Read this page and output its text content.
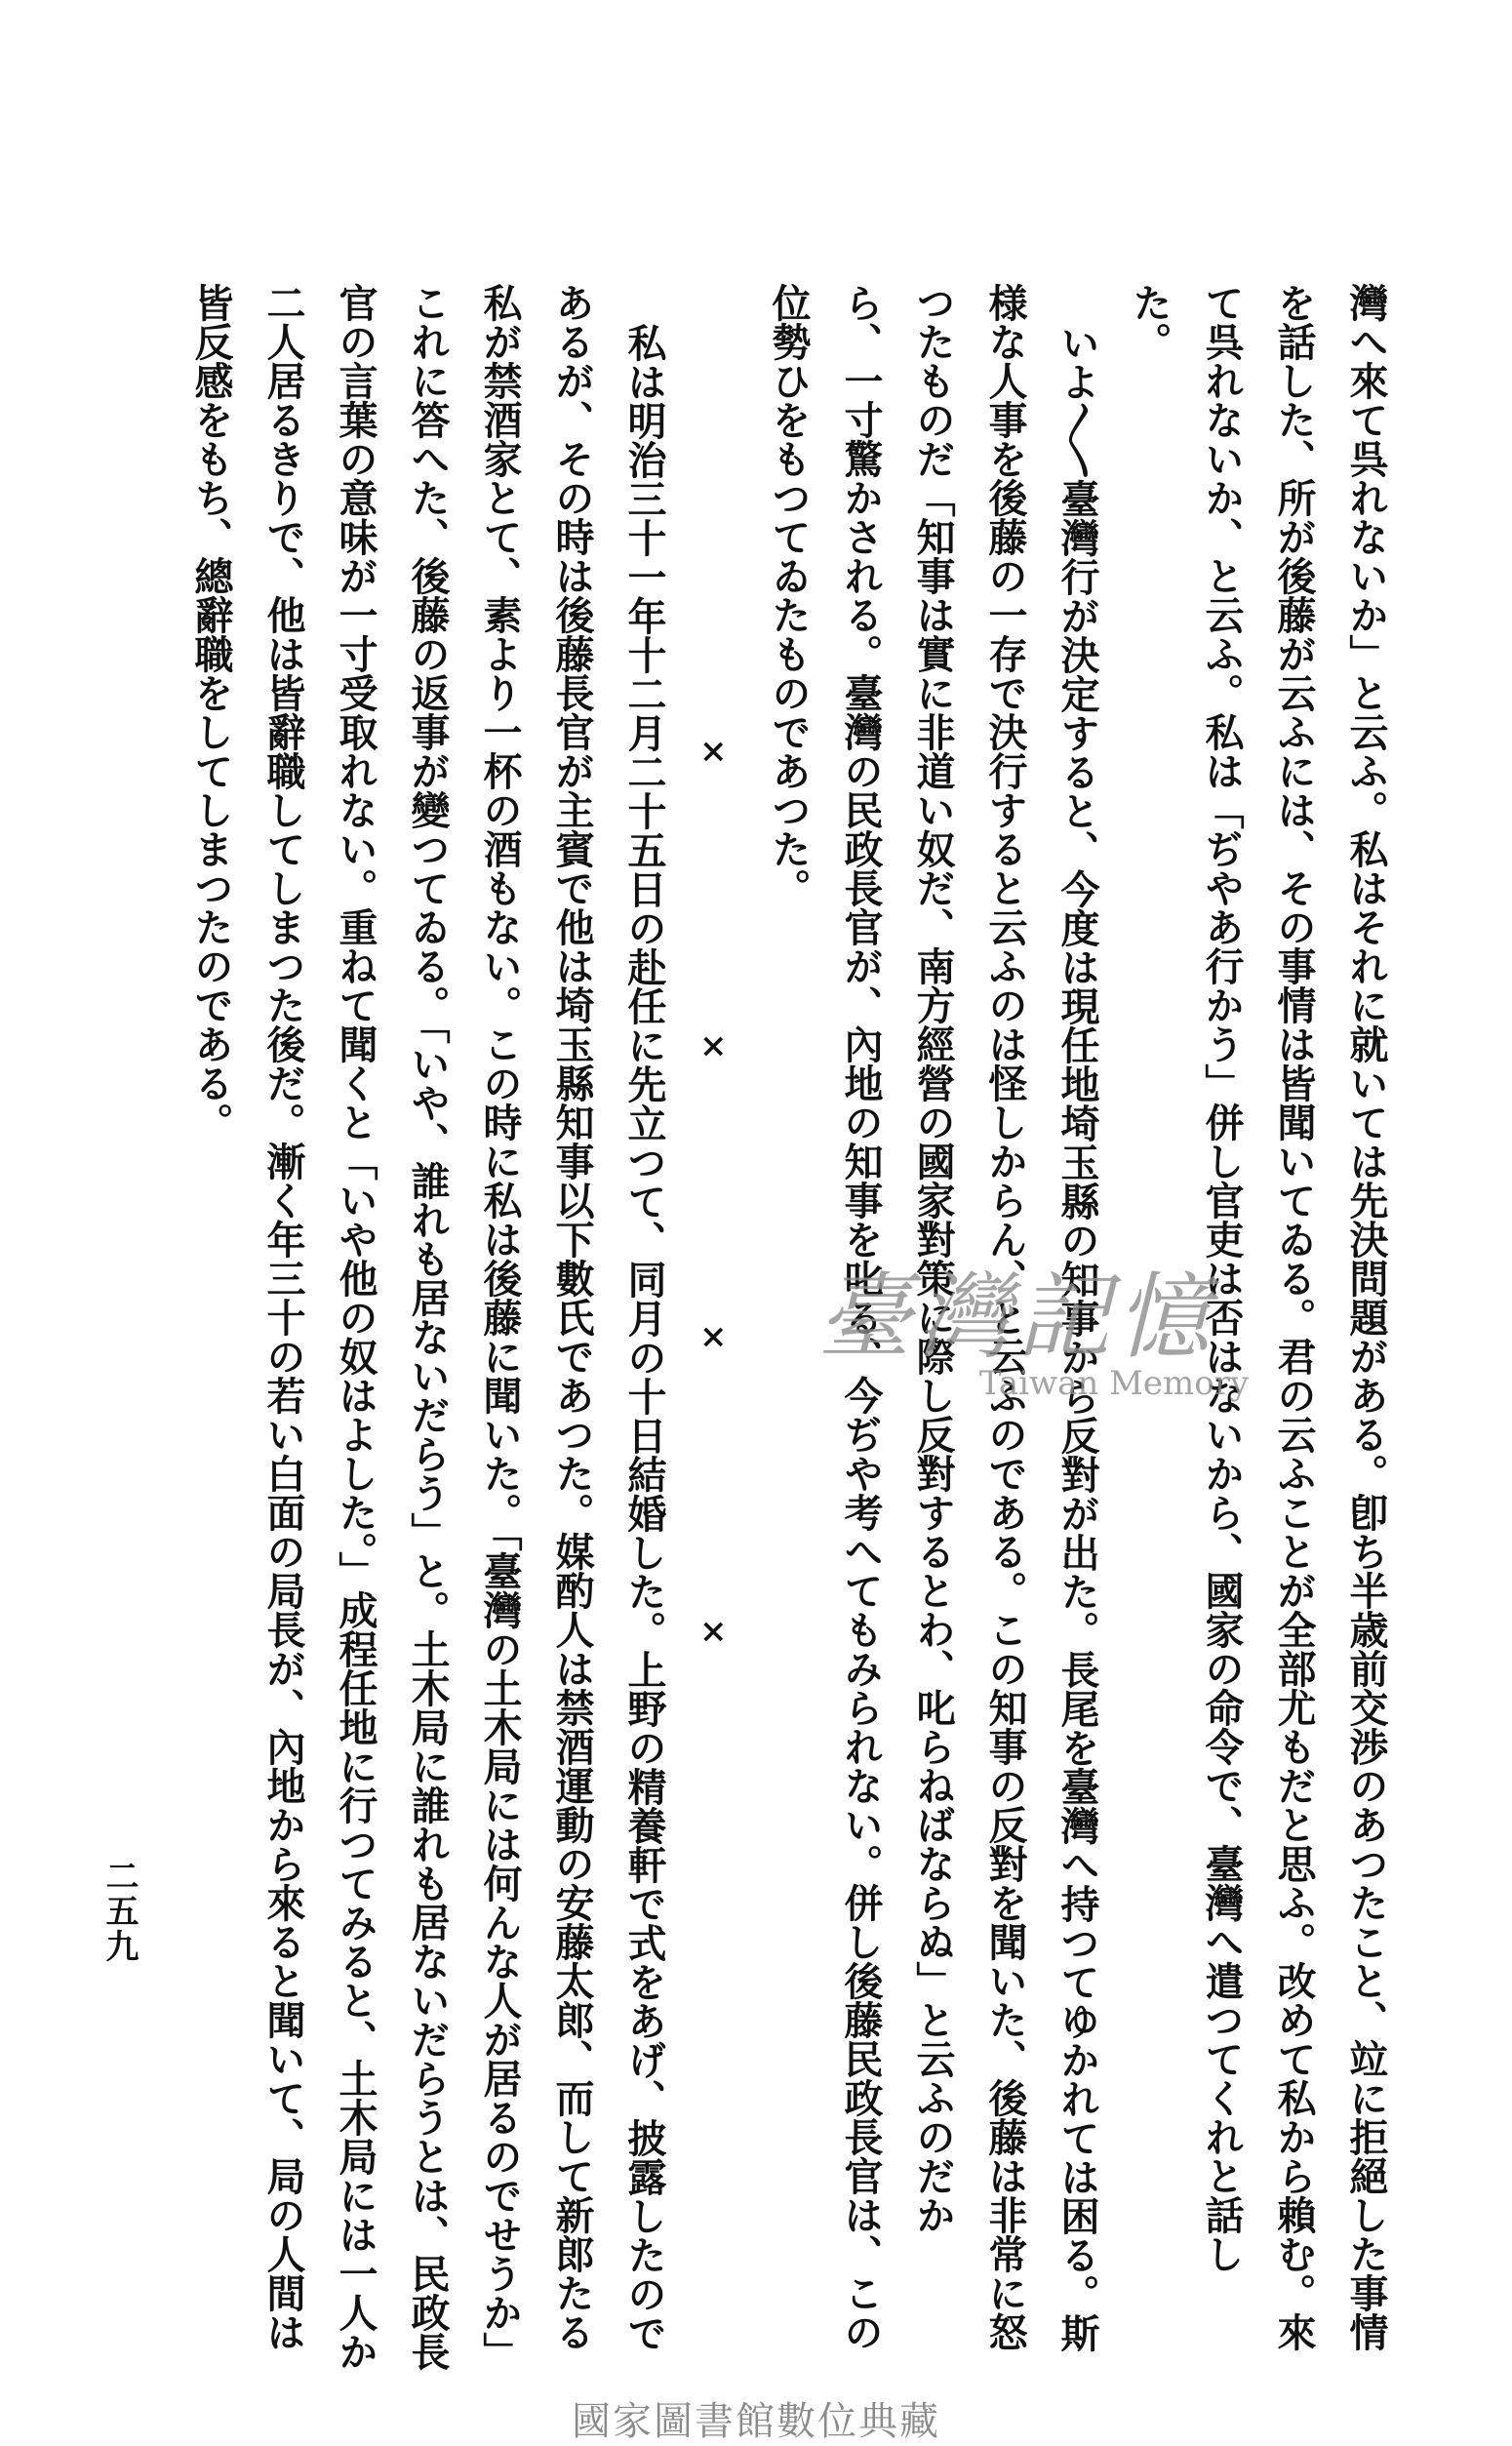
灣へ來て呉れないか」と云ふ。私はそれに就いては先決問題がある。卽ち半歳前交渉のあつたこと、竝に拒絕した事情

を話した、所が後藤が云ふには、その事情は皆聞いてゐる。君の云ふことが全部尤もだと思ふ。改めて私から賴む。來

て呉れないか、と云ふ。私は「ぢやあ行かう」併し官吏は否はないから、國家の命令で、臺灣へ遣つてくれと話し

た。

いよ〳〵臺灣行が決定すると、今度は現任地埼玉縣の知事から反對が出た。長尾を臺灣へ持つてゆかれては困る。斯

様な人事を後藤の一存で決行すると云ふのは怪しからん、と云ふのである。この知事の反對を聞いた、後藤は非常に怒

つたものだ「知事は實に非道い奴だ、南方經營の國家對策に際し反對するとわ、叱らねばならぬ」と云ふのだか

ら、一寸驚かされる。臺灣の民政長官が、內地の知事を叱る、今ぢや考へてもみられない。併し後藤民政長官は、この

位勢ひをもつてゐたものであつた。

×
×
×
×

私は明治三十一年十二月二十五日の赴任に先立つて、同月の十日結婚した。上野の精養軒で式をあげ、披露したので

あるが、その時は後藤長官が主賓で他は埼玉縣知事以下數氏であつた。媒酌人は禁酒運動の安藤太郎、而して新郎たる

私が禁酒家とて、素より一杯の酒もない。この時に私は後藤に聞いた。「臺灣の土木局には何んな人が居るのでせうか」

これに答へた、後藤の返事が變つてゐる。「いや、誰れも居ないだらう」と。土木局に誰れも居ないだらうとは、民政長

官の言葉の意味が一寸受取れない。重ねて聞くと「いや他の奴はよした。」成程任地に行つてみると、土木局には一人か

二人居るきりで、他は皆辭職してしまつた後だ。漸く年三十の若い白面の局長が、內地から來ると聞いて、局の人間は

皆反感をもち、總辭職をしてしまつたのである。

二五九
臺灣記憶
Taiwan Memory
國家圖書館數位典藏
